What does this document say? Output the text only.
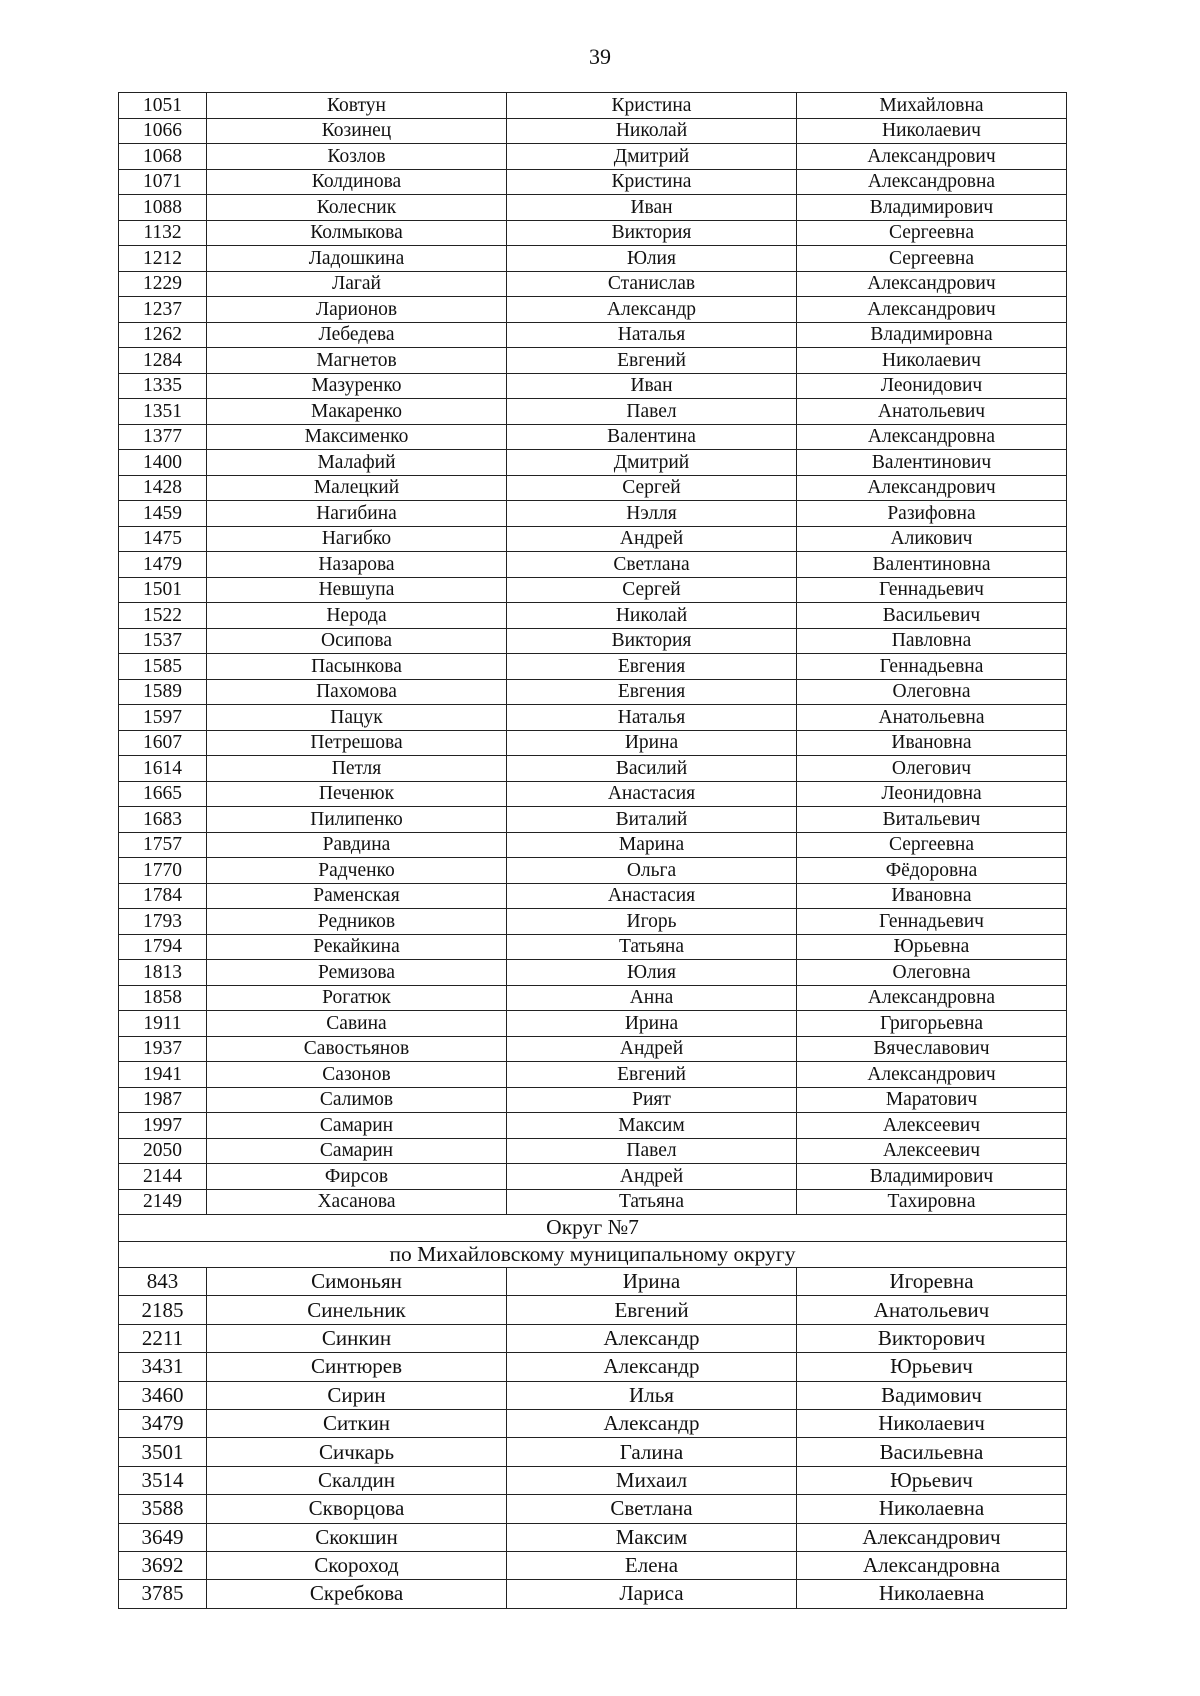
39
1051	Ковтун	Кристина	Михайловна
1066	Козинец	Николай	Николаевич
1068	Козлов	Дмитрий	Александрович
1071	Колдинова	Кристина	Александровна
1088	Колесник	Иван	Владимирович
1132	Колмыкова	Виктория	Сергеевна
1212	Ладошкина	Юлия	Сергеевна
1229	Лагай	Станислав	Александрович
1237	Ларионов	Александр	Александрович
1262	Лебедева	Наталья	Владимировна
1284	Магнетов	Евгений	Николаевич
1335	Мазуренко	Иван	Леонидович
1351	Макаренко	Павел	Анатольевич
1377	Максименко	Валентина	Александровна
1400	Малафий	Дмитрий	Валентинович
1428	Малецкий	Сергей	Александрович
1459	Нагибина	Нэлля	Разифовна
1475	Нагибко	Андрей	Аликович
1479	Назарова	Светлана	Валентиновна
1501	Невшупа	Сергей	Геннадьевич
1522	Нерода	Николай	Васильевич
1537	Осипова	Виктория	Павловна
1585	Пасынкова	Евгения	Геннадьевна
1589	Пахомова	Евгения	Олеговна
1597	Пацук	Наталья	Анатольевна
1607	Петрешова	Ирина	Ивановна
1614	Петля	Василий	Олегович
1665	Печенюк	Анастасия	Леонидовна
1683	Пилипенко	Виталий	Витальевич
1757	Равдина	Марина	Сергеевна
1770	Радченко	Ольга	Фёдоровна
1784	Раменская	Анастасия	Ивановна
1793	Редников	Игорь	Геннадьевич
1794	Рекайкина	Татьяна	Юрьевна
1813	Ремизова	Юлия	Олеговна
1858	Рогатюк	Анна	Александровна
1911	Савина	Ирина	Григорьевна
1937	Савостьянов	Андрей	Вячеславович
1941	Сазонов	Евгений	Александрович
1987	Салимов	Рият	Маратович
1997	Самарин	Максим	Алексеевич
2050	Самарин	Павел	Алексеевич
2144	Фирсов	Андрей	Владимирович
2149	Хасанова	Татьяна	Тахировна
Округ №7			
по Михайловскому муниципальному округу			
843	Симоньян	Ирина	Игоревна
2185	Синельник	Евгений	Анатольевич
2211	Синкин	Александр	Викторович
3431	Синтюрев	Александр	Юрьевич
3460	Сирин	Илья	Вадимович
3479	Ситкин	Александр	Николаевич
3501	Сичкарь	Галина	Васильевна
3514	Скалдин	Михаил	Юрьевич
3588	Скворцова	Светлана	Николаевна
3649	Скокшин	Максим	Александрович
3692	Скороход	Елена	Александровна
3785	Скребкова	Лариса	Николаевна
